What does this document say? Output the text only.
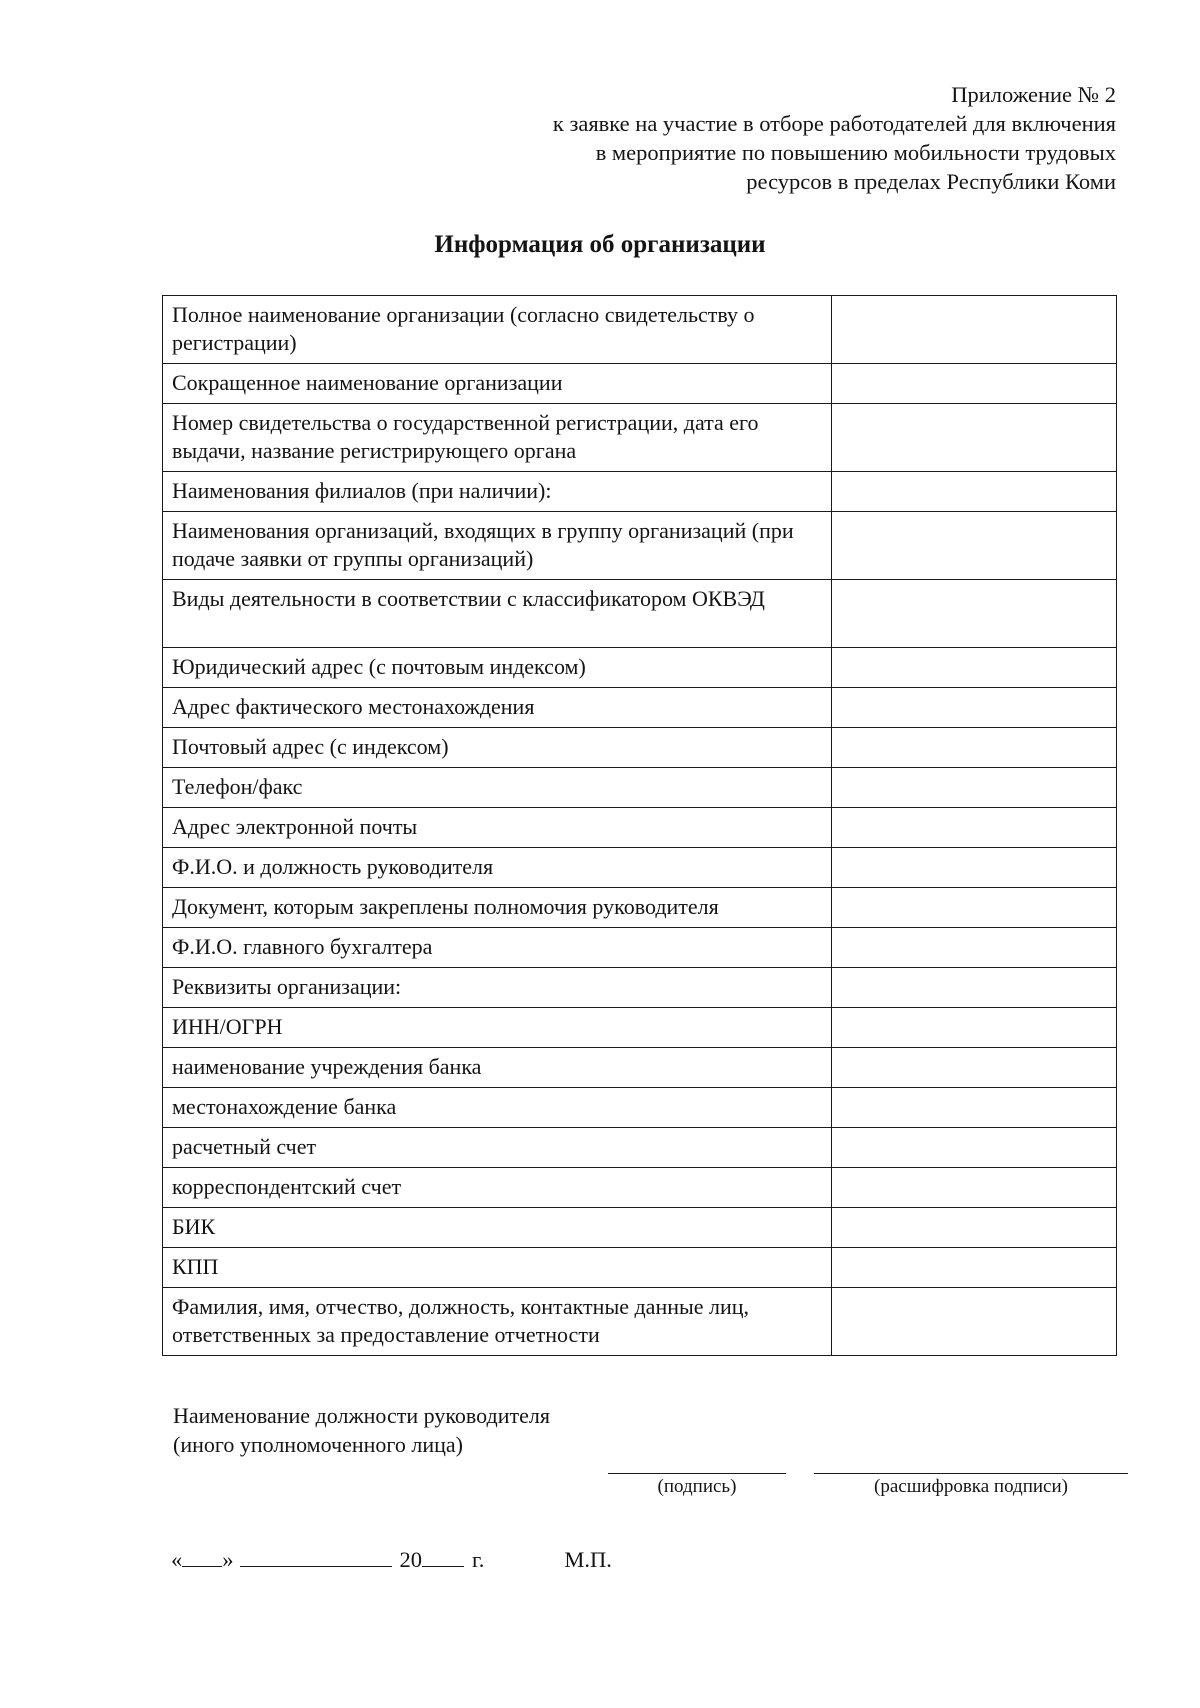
Приложение № 2
к заявке на участие в отборе работодателей для включения
в мероприятие по повышению мобильности трудовых
ресурсов в пределах Республики Коми
Информация об организации
Полное наименование организации (согласно свидетельству о регистрации)	
Сокращенное наименование организации	
Номер свидетельства о государственной регистрации, дата его выдачи, название регистрирующего органа	
Наименования филиалов (при наличии):	
Наименования организаций, входящих в группу организаций (при подаче заявки от группы организаций)	
Виды деятельности в соответствии с классификатором ОКВЭД	
Юридический адрес (с почтовым индексом)	
Адрес фактического местонахождения	
Почтовый адрес (с индексом)	
Телефон/факс	
Адрес электронной почты	
Ф.И.О. и должность руководителя	
Документ, которым закреплены полномочия руководителя	
Ф.И.О. главного бухгалтера	
Реквизиты организации:	
ИНН/ОГРН	
наименование учреждения банка	
местонахождение банка	
расчетный счет	
корреспондентский счет	
БИК	
КПП	
Фамилия, имя, отчество, должность, контактные данные лиц, ответственных за предоставление отчетности	
Наименование должности руководителя
(иного уполномоченного лица)
(подпись)	(расшифровка подписи)
« »	20 г.	М.П.
